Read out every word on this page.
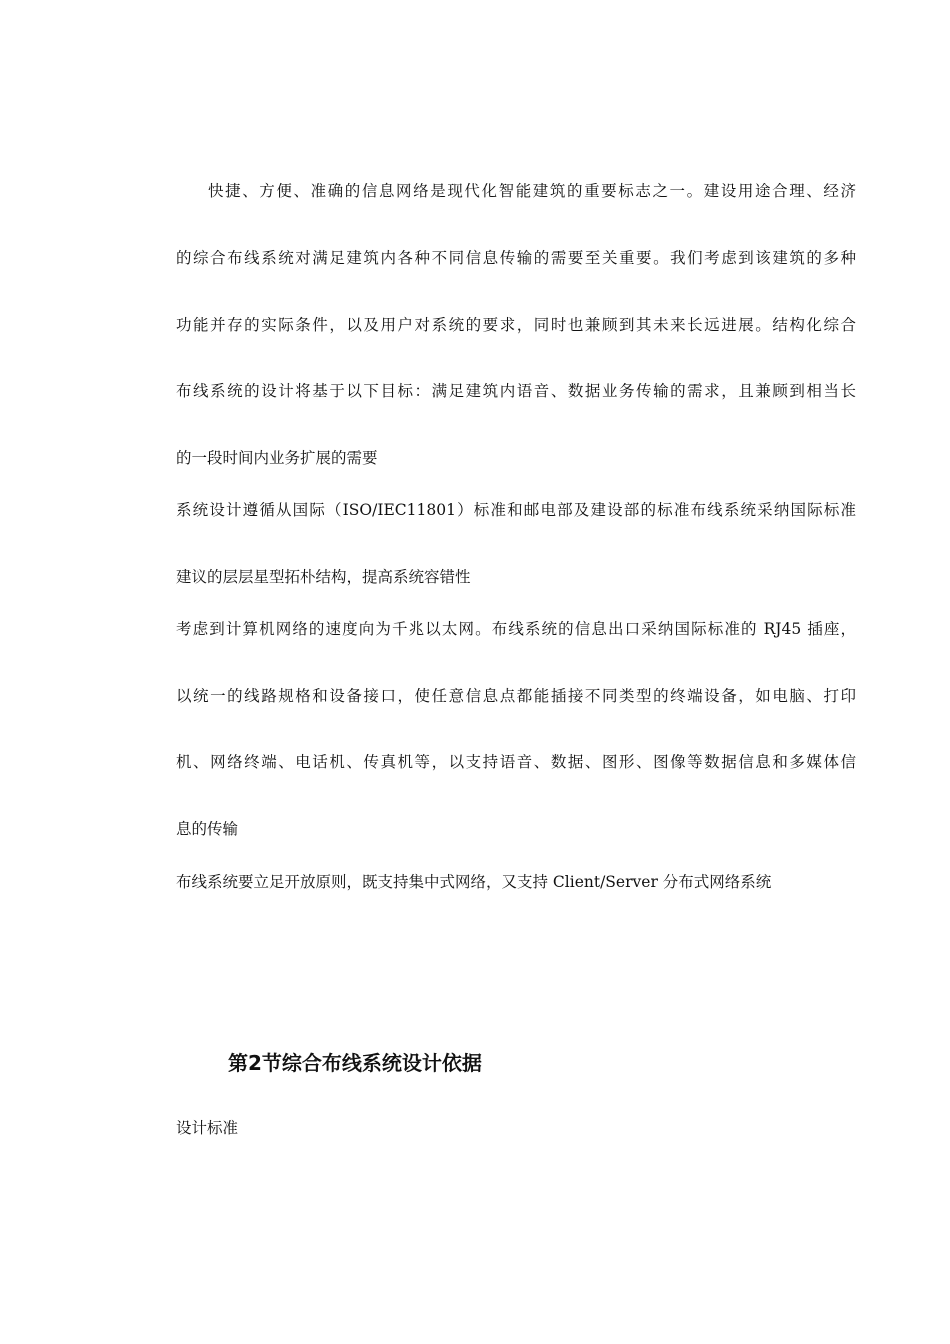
快捷、方便、准确的信息网络是现代化智能建筑的重要标志之一。建设用途合理、经济
的综合布线系统对满足建筑内各种不同信息传输的需要至关重要。我们考虑到该建筑的多种
功能并存的实际条件，以及用户对系统的要求，同时也兼顾到其未来长远进展。结构化综合
布线系统的设计将基于以下目标：满足建筑内语音、数据业务传输的需求，且兼顾到相当长
的一段时间内业务扩展的需要
系统设计遵循从国际（ISO/IEC11801）标准和邮电部及建设部的标准布线系统采纳国际标准
建议的层层星型拓朴结构，提高系统容错性
考虑到计算机网络的速度向为千兆以太网。布线系统的信息出口采纳国际标准的 RJ45 插座，
以统一的线路规格和设备接口，使任意信息点都能插接不同类型的终端设备，如电脑、打印
机、网络终端、电话机、传真机等，以支持语音、数据、图形、图像等数据信息和多媒体信
息的传输
布线系统要立足开放原则，既支持集中式网络，又支持 Client/Server 分布式网络系统
第2节综合布线系统设计依据
设计标准
